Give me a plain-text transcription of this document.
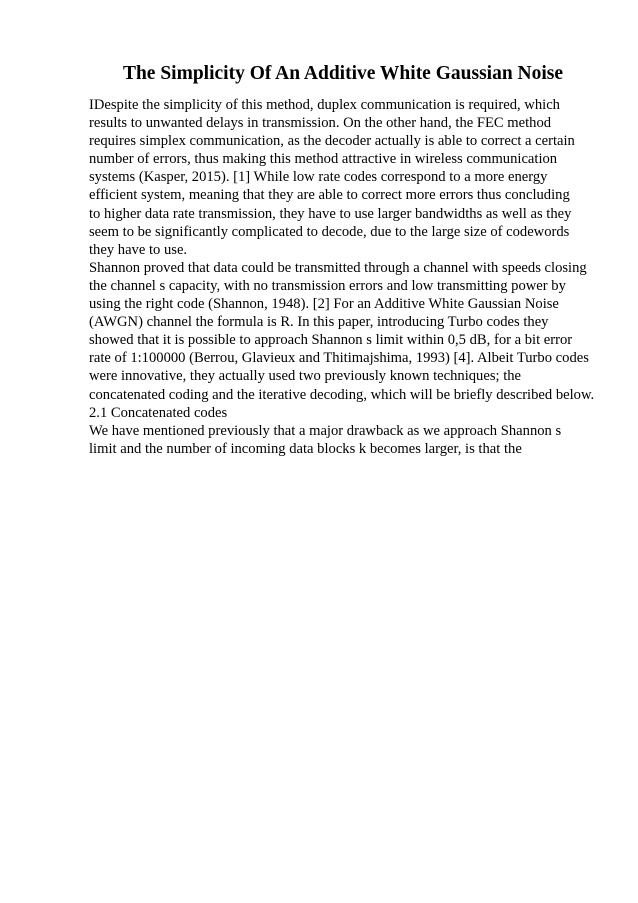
The Simplicity Of An Additive White Gaussian Noise
IDespite the simplicity of this method, duplex communication is required, which
results to unwanted delays in transmission. On the other hand, the FEC method
requires simplex communication, as the decoder actually is able to correct a certain
number of errors, thus making this method attractive in wireless communication
systems (Kasper, 2015). [1] While low rate codes correspond to a more energy
efficient system, meaning that they are able to correct more errors thus concluding
to higher data rate transmission, they have to use larger bandwidths as well as they
seem to be significantly complicated to decode, due to the large size of codewords
they have to use.
Shannon proved that data could be transmitted through a channel with speeds closing
the channel s capacity, with no transmission errors and low transmitting power by
using the right code (Shannon, 1948). [2] For an Additive White Gaussian Noise
(AWGN) channel the formula is R. In this paper, introducing Turbo codes they
showed that it is possible to approach Shannon s limit within 0,5 dB, for a bit error
rate of 1:100000 (Berrou, Glavieux and Thitimajshima, 1993) [4]. Albeit Turbo codes
were innovative, they actually used two previously known techniques; the
concatenated coding and the iterative decoding, which will be briefly described below.
2.1 Concatenated codes
We have mentioned previously that a major drawback as we approach Shannon s
limit and the number of incoming data blocks k becomes larger, is that the
